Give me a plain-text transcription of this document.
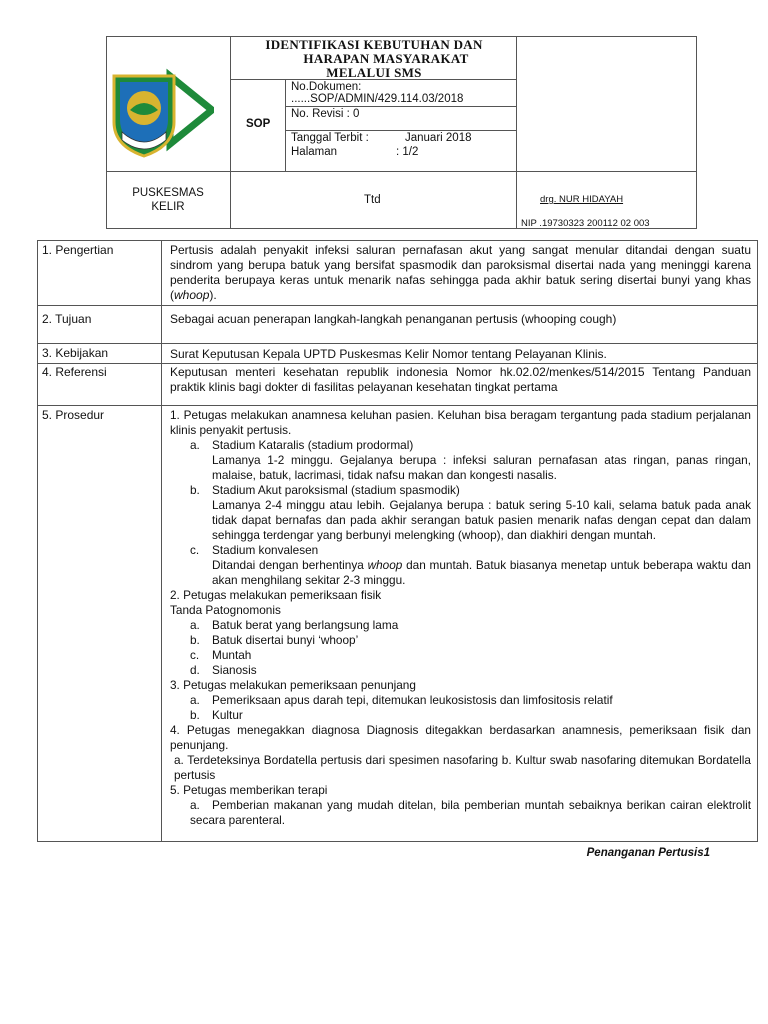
IDENTIFIKASI KEBUTUHAN DAN
HARAPAN MASYARAKAT
MELALUI SMS
SOP
No.Dokumen:
......SOP/ADMIN/429.114.03/2018
No. Revisi : 0
Tanggal Terbit :	Januari 2018
Halaman	: 1/2
PUSKESMAS
KELIR
Ttd	drg. NUR HIDAYAH
NIP .19730323 200112 02 003
1. Pengertian	Pertusis adalah penyakit infeksi saluran pernafasan akut yang sangat menular ditandai dengan suatu sindrom yang berupa batuk yang bersifat spasmodik dan paroksismal disertai nada yang meninggi karena penderita berupaya keras untuk menarik nafas sehingga pada akhir batuk sering disertai bunyi yang khas (whoop).
2. Tujuan	Sebagai acuan penerapan langkah-langkah penanganan pertusis (whooping cough)
3. Kebijakan	Surat Keputusan Kepala UPTD Puskesmas Kelir Nomor tentang Pelayanan Klinis.
4. Referensi	Keputusan menteri kesehatan republik indonesia Nomor hk.02.02/menkes/514/2015 Tentang Panduan praktik klinis bagi dokter di fasilitas pelayanan kesehatan tingkat pertama
5. Prosedur	1. Petugas melakukan anamnesa keluhan pasien. Keluhan bisa beragam tergantung pada stadium perjalanan klinis penyakit pertusis.

a. Stadium Kataralis (stadium prodormal)

Lamanya 1-2 minggu. Gejalanya berupa : infeksi saluran pernafasan atas ringan, panas ringan, malaise, batuk, lacrimasi, tidak nafsu makan dan kongesti nasalis.

b. Stadium Akut paroksismal (stadium spasmodik)

Lamanya 2-4 minggu atau lebih. Gejalanya berupa : batuk sering 5-10 kali, selama batuk pada anak tidak dapat bernafas dan pada akhir serangan batuk pasien menarik nafas dengan cepat dan dalam sehingga terdengar yang berbunyi melengking (whoop), dan diakhiri dengan muntah.

c. Stadium konvalesen

Ditandai dengan berhentinya whoop dan muntah. Batuk biasanya menetap untuk beberapa waktu dan akan menghilang sekitar 2-3 minggu.

2. Petugas melakukan pemeriksaan fisik

Tanda Patognomonis

a. Batuk berat yang berlangsung lama

b. Batuk disertai bunyi ‘whoop’

c. Muntah

d. Sianosis

3. Petugas melakukan pemeriksaan penunjang

a. Pemeriksaan apus darah tepi, ditemukan leukosistosis dan limfositosis relatif

b. Kultur

4. Petugas menegakkan diagnosa Diagnosis ditegakkan berdasarkan anamnesis, pemeriksaan fisik dan penunjang.

a. Terdeteksinya Bordatella pertusis dari spesimen nasofaring b. Kultur swab nasofaring ditemukan Bordatella pertusis

5. Petugas memberikan terapi

a. Pemberian makanan yang mudah ditelan, bila pemberian muntah sebaiknya berikan cairan elektrolit secara parenteral.

Penanganan Pertusis1
